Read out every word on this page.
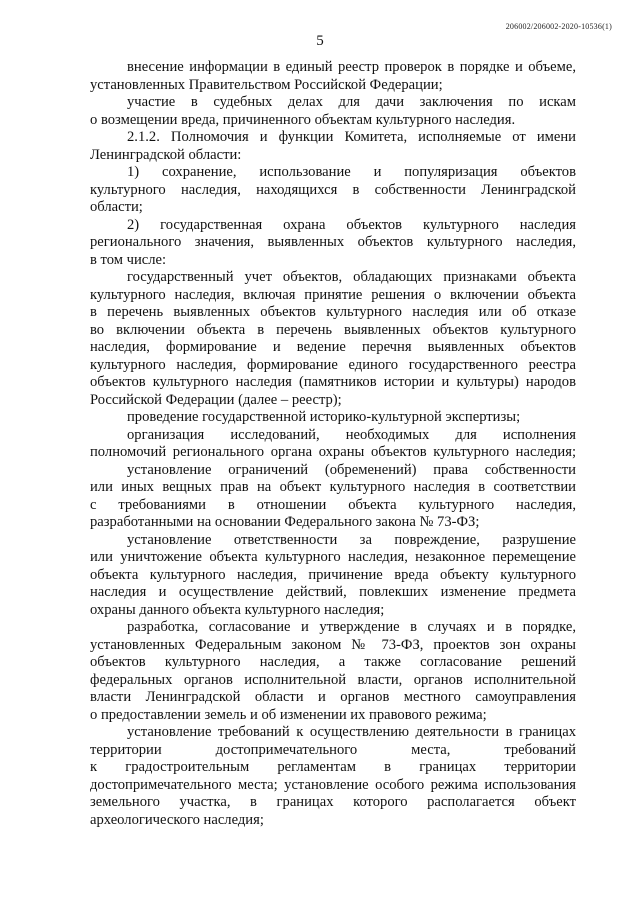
206002/206002-2020-10536(1)
5
внесение информации в единый реестр проверок в порядке и объеме,
установленных Правительством Российской Федерации;
участие в судебных делах для дачи заключения по искам
о возмещении вреда, причиненного объектам культурного наследия.
2.1.2. Полномочия и функции Комитета, исполняемые от имени
Ленинградской области:
1) сохранение, использование и популяризация объектов
культурного наследия, находящихся в собственности Ленинградской
области;
2) государственная охрана объектов культурного наследия
регионального значения, выявленных объектов культурного наследия,
в том числе:
государственный учет объектов, обладающих признаками объекта
культурного наследия, включая принятие решения о включении объекта
в перечень выявленных объектов культурного наследия или об отказе
во включении объекта в перечень выявленных объектов культурного
наследия, формирование и ведение перечня выявленных объектов
культурного наследия, формирование единого государственного реестра
объектов культурного наследия (памятников истории и культуры) народов
Российской Федерации (далее – реестр);
проведение государственной историко-культурной экспертизы;
организация исследований, необходимых для исполнения
полномочий регионального органа охраны объектов культурного наследия;
установление ограничений (обременений) права собственности
или иных вещных прав на объект культурного наследия в соответствии
с требованиями в отношении объекта культурного наследия,
разработанными на основании Федерального закона № 73-ФЗ;
установление ответственности за повреждение, разрушение
или уничтожение объекта культурного наследия, незаконное перемещение
объекта культурного наследия, причинение вреда объекту культурного
наследия и осуществление действий, повлекших изменение предмета
охраны данного объекта культурного наследия;
разработка, согласование и утверждение в случаях и в порядке,
установленных Федеральным законом № 73-ФЗ, проектов зон охраны
объектов культурного наследия, а также согласование решений
федеральных органов исполнительной власти, органов исполнительной
власти Ленинградской области и органов местного самоуправления
о предоставлении земель и об изменении их правового режима;
установление требований к осуществлению деятельности в границах
территории достопримечательного места, требований
к градостроительным регламентам в границах территории
достопримечательного места; установление особого режима использования
земельного участка, в границах которого располагается объект
археологического наследия;
